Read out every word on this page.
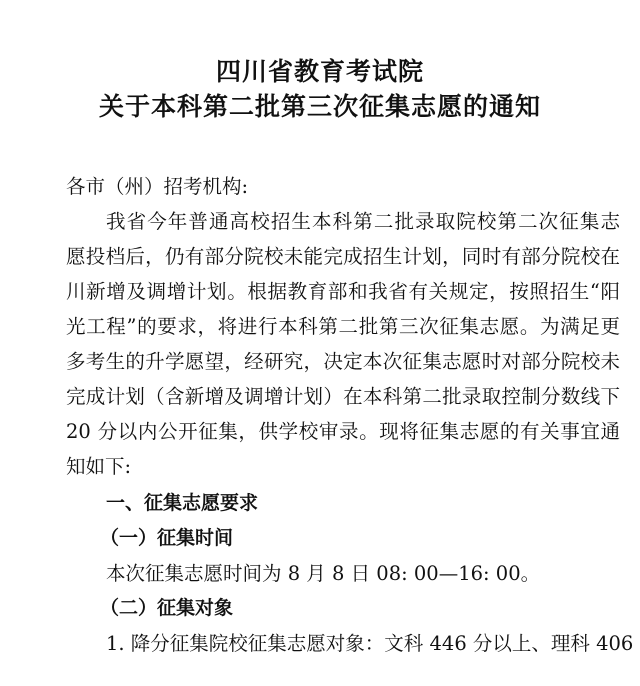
四川省教育考试院
关于本科第二批第三次征集志愿的通知
各市（州）招考机构:
我省今年普通高校招生本科第二批录取院校第二次征集志
愿投档后，仍有部分院校未能完成招生计划，同时有部分院校在
川新增及调增计划。根据教育部和我省有关规定，按照招生“阳
光工程”的要求，将进行本科第二批第三次征集志愿。为满足更
多考生的升学愿望，经研究，决定本次征集志愿时对部分院校未
完成计划（含新增及调增计划）在本科第二批录取控制分数线下
20 分以内公开征集，供学校审录。现将征集志愿的有关事宜通
知如下:
一、征集志愿要求
（一）征集时间
本次征集志愿时间为 8 月 8 日 08: 00—16: 00。
（二）征集对象
1. 降分征集院校征集志愿对象：文科 446 分以上、理科 406
